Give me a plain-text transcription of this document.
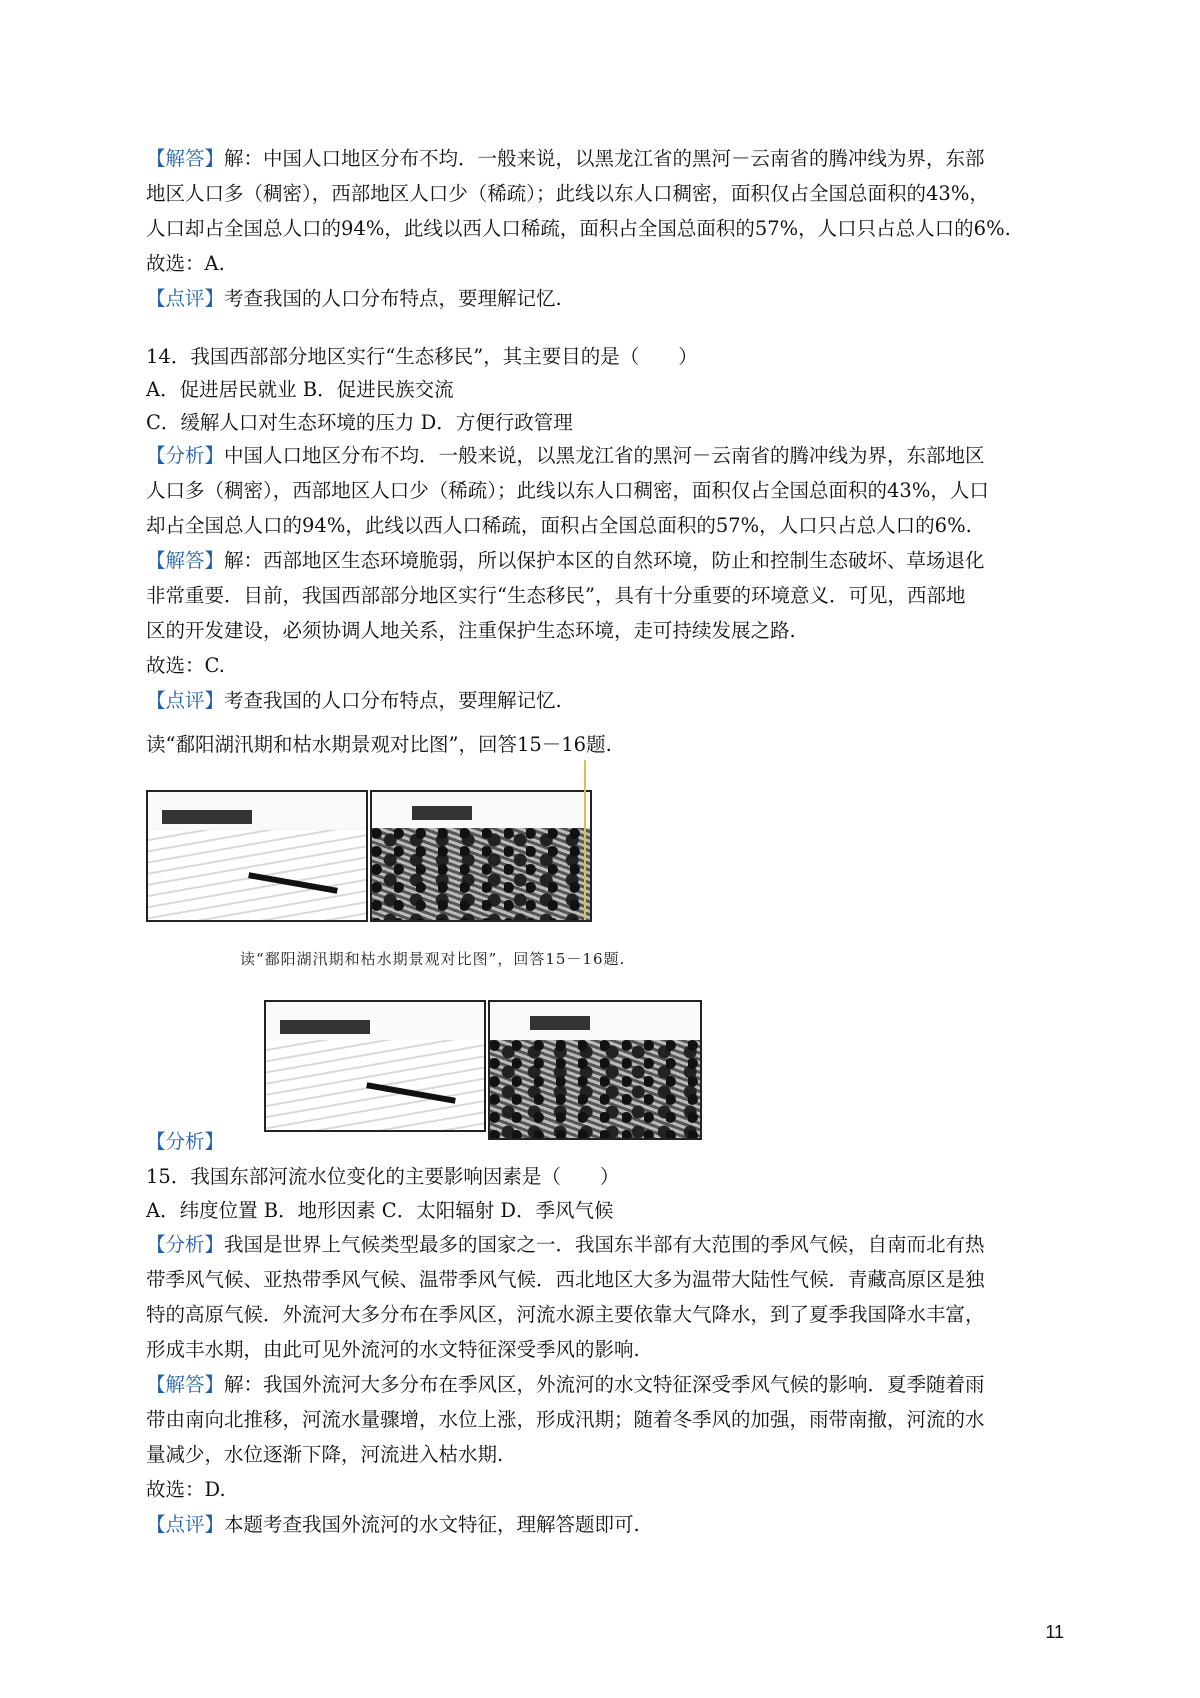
【解答】解：中国人口地区分布不均．一般来说，以黑龙江省的黑河－云南省的腾冲线为界，东部
地区人口多（稠密），西部地区人口少（稀疏）；此线以东人口稠密，面积仅占全国总面积的43%，
人口却占全国总人口的94%，此线以西人口稀疏，面积占全国总面积的57%，人口只占总人口的6%.
故选：A.
【点评】考查我国的人口分布特点，要理解记忆.
14．我国西部部分地区实行“生态移民”，其主要目的是（　　）
A．促进居民就业 B．促进民族交流
C．缓解人口对生态环境的压力 D．方便行政管理
【分析】中国人口地区分布不均．一般来说，以黑龙江省的黑河－云南省的腾冲线为界，东部地区
人口多（稠密），西部地区人口少（稀疏）；此线以东人口稠密，面积仅占全国总面积的43%，人口
却占全国总人口的94%，此线以西人口稀疏，面积占全国总面积的57%，人口只占总人口的6%.
【解答】解：西部地区生态环境脆弱，所以保护本区的自然环境，防止和控制生态破坏、草场退化
非常重要．目前，我国西部部分地区实行“生态移民”，具有十分重要的环境意义．可见，西部地
区的开发建设，必须协调人地关系，注重保护生态环境，走可持续发展之路.
故选：C.
【点评】考查我国的人口分布特点，要理解记忆.
读“鄱阳湖汛期和枯水期景观对比图”，回答15－16题.
【分析】
15．我国东部河流水位变化的主要影响因素是（　　）
A．纬度位置 B．地形因素 C．太阳辐射 D．季风气候
【分析】我国是世界上气候类型最多的国家之一．我国东半部有大范围的季风气候，自南而北有热
带季风气候、亚热带季风气候、温带季风气候．西北地区大多为温带大陆性气候．青藏高原区是独
特的高原气候．外流河大多分布在季风区，河流水源主要依靠大气降水，到了夏季我国降水丰富，
形成丰水期，由此可见外流河的水文特征深受季风的影响.
【解答】解：我国外流河大多分布在季风区，外流河的水文特征深受季风气候的影响．夏季随着雨
带由南向北推移，河流水量骤增，水位上涨，形成汛期；随着冬季风的加强，雨带南撤，河流的水
量减少，水位逐渐下降，河流进入枯水期.
故选：D.
【点评】本题考查我国外流河的水文特征，理解答题即可.
读“鄱阳湖汛期和枯水期景观对比图”，回答15－16题.
11
